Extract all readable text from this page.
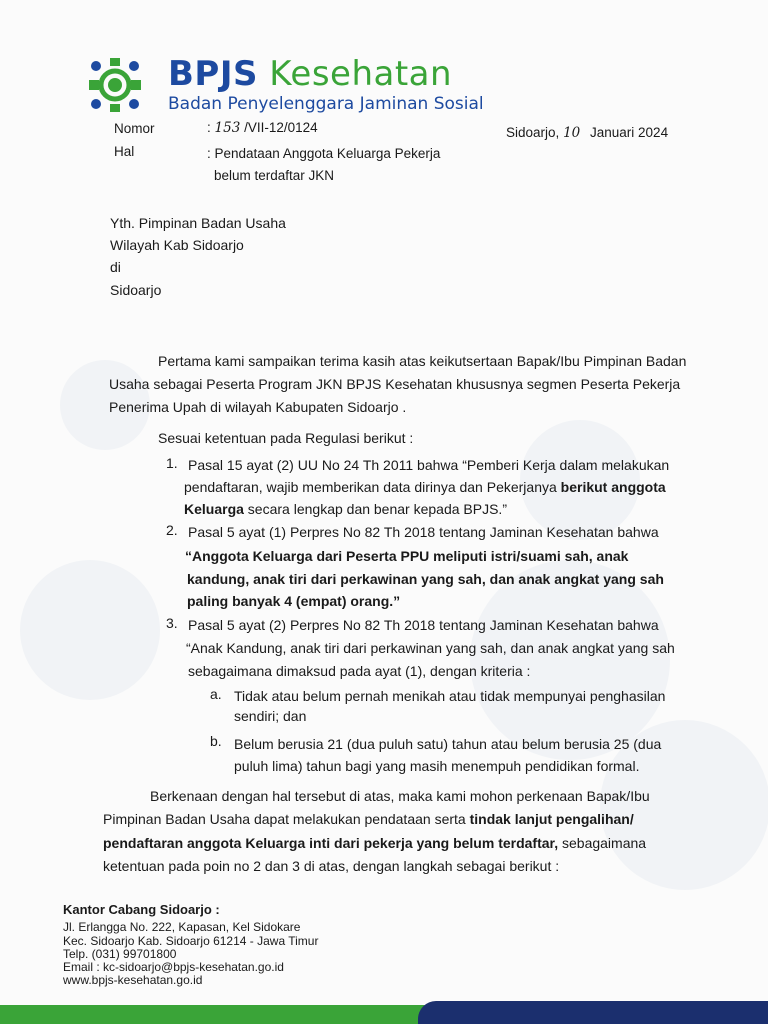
BPJS Kesehatan
Badan Penyelenggara Jaminan Sosial
Nomor	: 153 /VII-12/0124	Sidoarjo, 10 Januari 2024
Hal	: Pendataan Anggota Keluarga Pekerja
belum terdaftar JKN
Yth. Pimpinan Badan Usaha
Wilayah Kab Sidoarjo
di
Sidoarjo
Pertama kami sampaikan terima kasih atas keikutsertaan Bapak/Ibu Pimpinan Badan
Usaha sebagai Peserta Program JKN BPJS Kesehatan khususnya segmen Peserta Pekerja
Penerima Upah di wilayah Kabupaten Sidoarjo .
Sesuai ketentuan pada Regulasi berikut :
1. Pasal 15 ayat (2) UU No 24 Th 2011 bahwa “Pemberi Kerja dalam melakukan
pendaftaran, wajib memberikan data dirinya dan Pekerjanya berikut anggota
Keluarga secara lengkap dan benar kepada BPJS.”
2. Pasal 5 ayat (1) Perpres No 82 Th 2018 tentang Jaminan Kesehatan bahwa
“Anggota Keluarga dari Peserta PPU meliputi istri/suami sah, anak
kandung, anak tiri dari perkawinan yang sah, dan anak angkat yang sah
paling banyak 4 (empat) orang.”
3. Pasal 5 ayat (2) Perpres No 82 Th 2018 tentang Jaminan Kesehatan bahwa
“Anak Kandung, anak tiri dari perkawinan yang sah, dan anak angkat yang sah
sebagaimana dimaksud pada ayat (1), dengan kriteria :
a. Tidak atau belum pernah menikah atau tidak mempunyai penghasilan
sendiri; dan
b. Belum berusia 21 (dua puluh satu) tahun atau belum berusia 25 (dua
puluh lima) tahun bagi yang masih menempuh pendidikan formal.
Berkenaan dengan hal tersebut di atas, maka kami mohon perkenaan Bapak/Ibu
Pimpinan Badan Usaha dapat melakukan pendataan serta tindak lanjut pengalihan/
pendaftaran anggota Keluarga inti dari pekerja yang belum terdaftar, sebagaimana
ketentuan pada poin no 2 dan 3 di atas, dengan langkah sebagai berikut :
Kantor Cabang Sidoarjo :
Jl. Erlangga No. 222, Kapasan, Kel Sidokare
Kec. Sidoarjo Kab. Sidoarjo 61214 - Jawa Timur
Telp. (031) 99701800
Email : kc-sidoarjo@bpjs-kesehatan.go.id
www.bpjs-kesehatan.go.id
